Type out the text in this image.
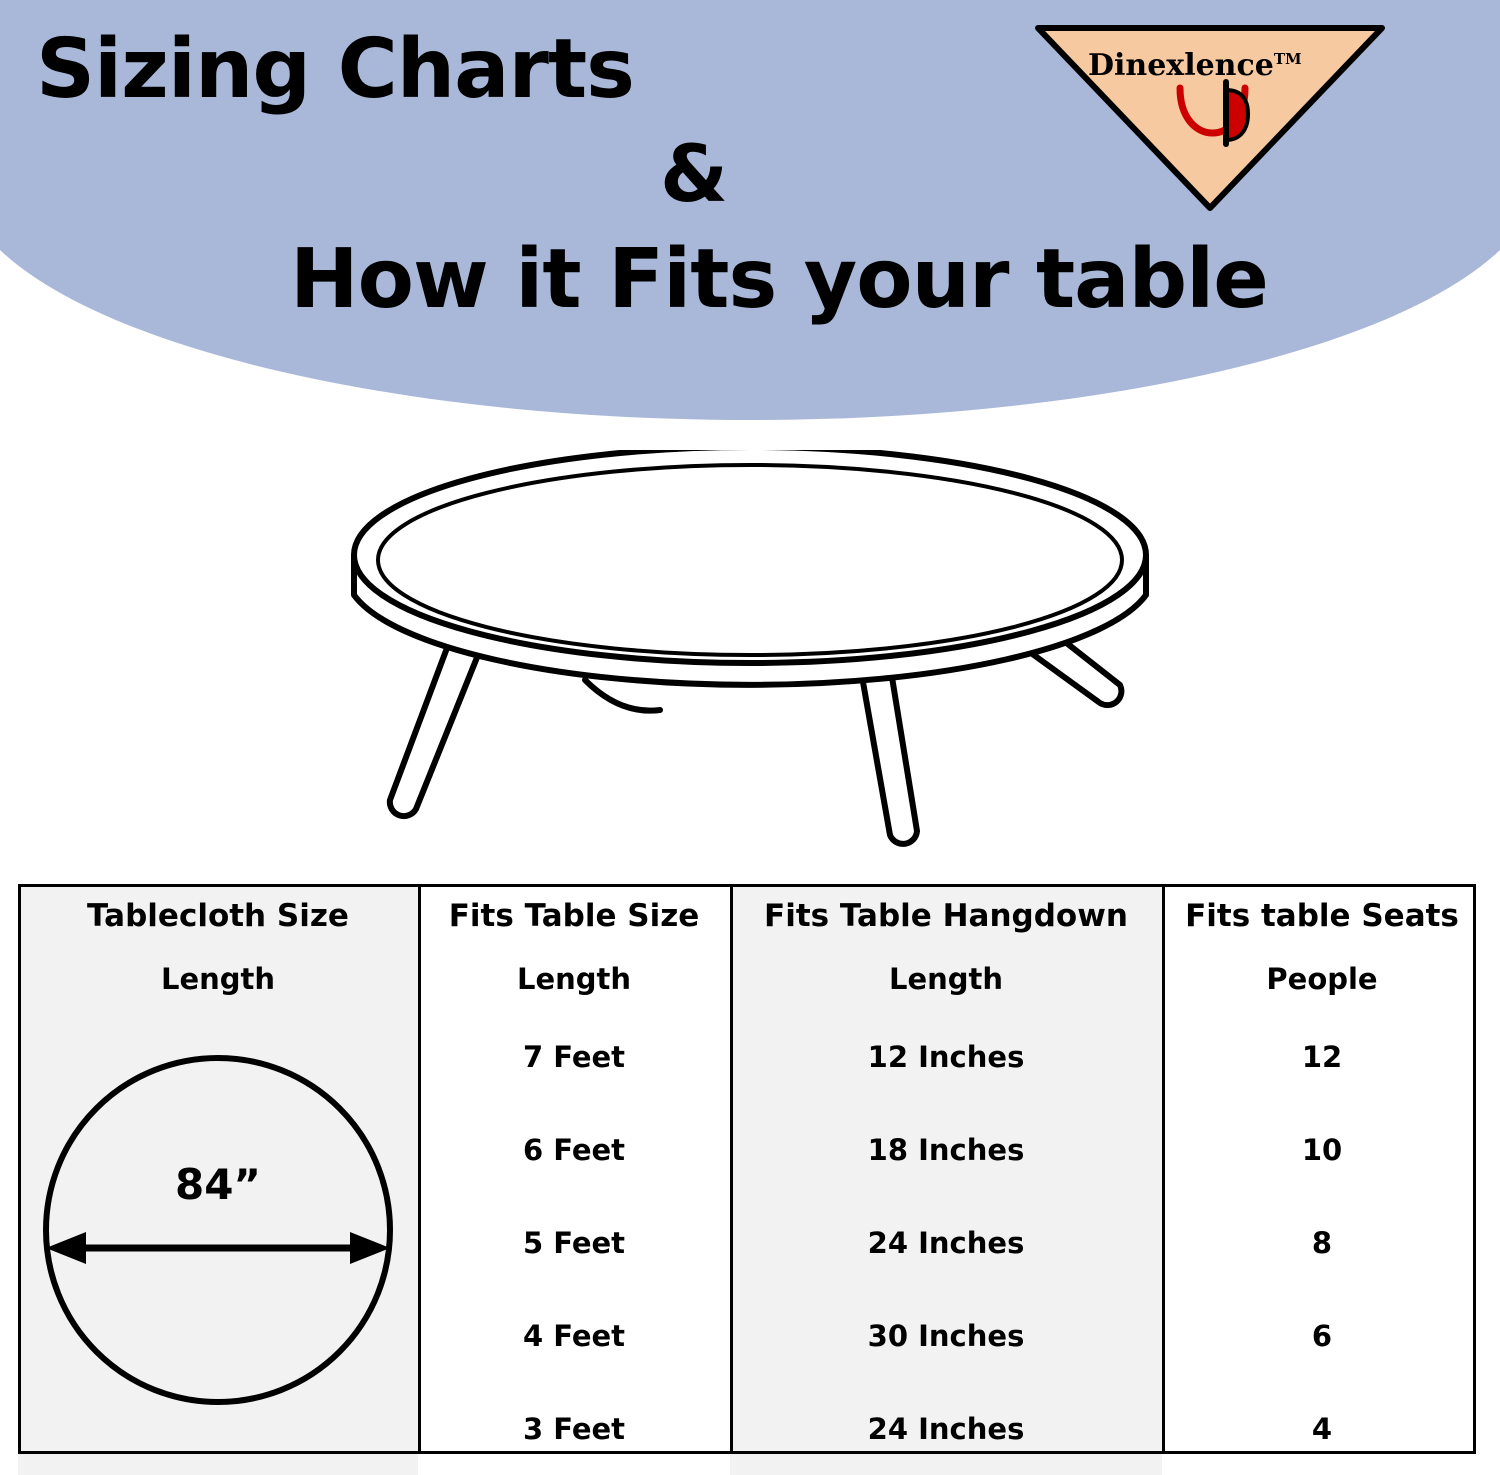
Sizing Charts
&
How it Fits your table
Dinexlence™
Tablecloth Size	Fits Table Size	Fits Table Hangdown	Fits table Seats
Length	Length	Length	People

84”	7 Feet	12 Inches	12
	6 Feet	18 Inches	10
	5 Feet	24 Inches	8
	4 Feet	30 Inches	6
	3 Feet	24 Inches	4
